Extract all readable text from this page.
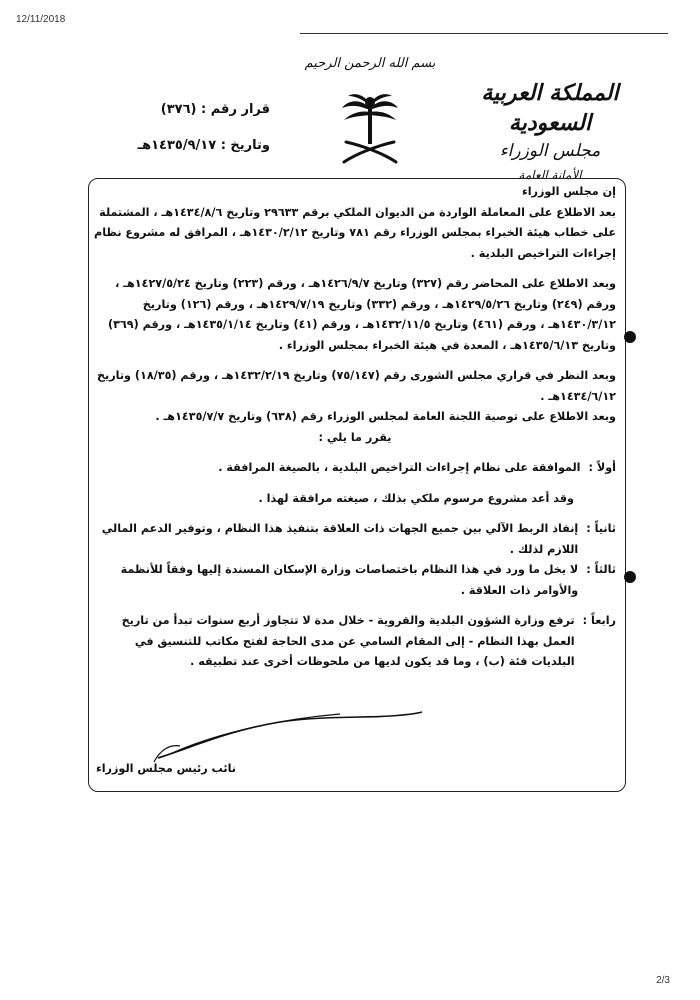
12/11/2018
بسم الله الرحمن الرحيم
المملكة العربية السعودية
مجلس الوزراء
الأمانة العامة
قرار رقم : (٣٧٦)
وتاريخ : ١٤٣٥/٩/١٧هـ

إن مجلس الوزراء

بعد الاطلاع على المعاملة الواردة من الديوان الملكي برقم ٢٩٦٣٣ وتاريخ ١٤٣٤/٨/٦هـ ، المشتملة على خطاب هيئة الخبراء بمجلس الوزراء رقم ٧٨١ وتاريخ ١٤٣٠/٢/١٢هـ ، المرافق له مشروع نظام إجراءات التراخيص البلدية .

وبعد الاطلاع على المحاضر رقم (٣٢٧) وتاريخ ١٤٢٦/٩/٧هـ ، ورقم (٢٢٣) وتاريخ ١٤٢٧/٥/٢٤هـ ، ورقم (٢٤٩) وتاريخ ١٤٢٩/٥/٢٦هـ ، ورقم (٣٣٢) وتاريخ ١٤٢٩/٧/١٩هـ ، ورقم (١٢٦) وتاريخ ١٤٣٠/٣/١٢هـ ، ورقم (٤٦١) وتاريخ ١٤٣٢/١١/٥هـ ، ورقم (٤١) وتاريخ ١٤٣٥/١/١٤هـ ، ورقم (٣٦٩) وتاريخ ١٤٣٥/٦/١٣هـ ، المعدة في هيئة الخبراء بمجلس الوزراء .

وبعد النظر في قراري مجلس الشورى رقم (٧٥/١٤٧) وتاريخ ١٤٣٢/٢/١٩هـ ، ورقم (١٨/٣٥) وتاريخ ١٤٣٤/٦/١٢هـ .

وبعد الاطلاع على توصية اللجنة العامة لمجلس الوزراء رقم (٦٣٨) وتاريخ ١٤٣٥/٧/٧هـ .

يقرر ما يلي :

أولاً :
الموافقة على نظام إجراءات التراخيص البلدية ، بالصيغة المرافقة .

وقد أعد مشروع مرسوم ملكي بذلك ، صيغته مرافقة لهذا .

ثانياً :
إنفاذ الربط الآلي بين جميع الجهات ذات العلاقة بتنفيذ هذا النظام ، وتوفير الدعم المالي اللازم لذلك .
ثالثاً :
لا يخل ما ورد في هذا النظام باختصاصات وزارة الإسكان المسندة إليها وفقاً للأنظمة والأوامر ذات العلاقة .
رابعاً :
ترفع وزارة الشؤون البلدية والقروية - خلال مدة لا تتجاوز أربع سنوات تبدأ من تاريخ العمل بهذا النظام - إلى المقام السامي عن مدى الحاجة لفتح مكاتب للتنسيق في البلديات فئة (ب) ، وما قد يكون لديها من ملحوظات أخرى عند تطبيقه .
نائب رئيس مجلس الوزراء
2/3
